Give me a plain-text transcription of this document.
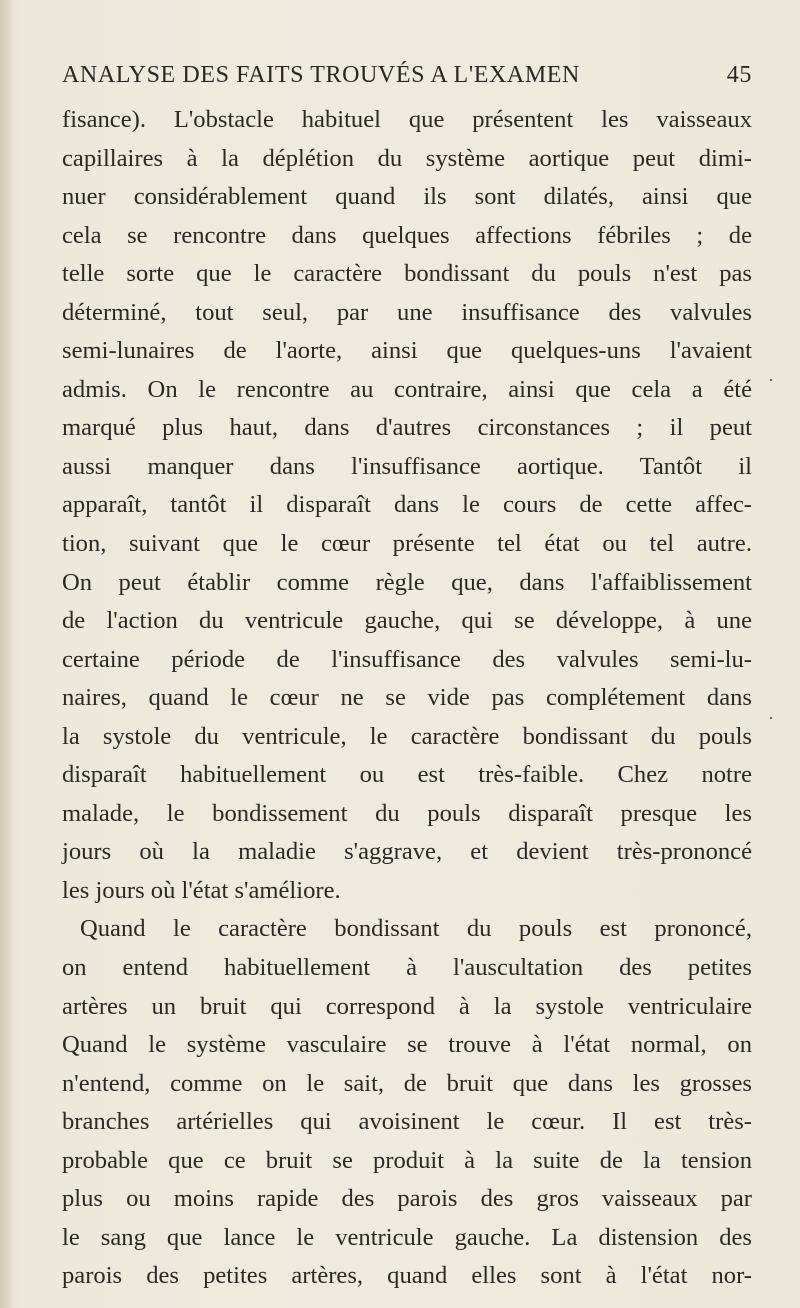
ANALYSE DES FAITS TROUVÉS A L'EXAMEN	45
fisance). L'obstacle habituel que présentent les vaisseaux
capillaires à la déplétion du système aortique peut dimi-
nuer considérablement quand ils sont dilatés, ainsi que
cela se rencontre dans quelques affections fébriles ; de
telle sorte que le caractère bondissant du pouls n'est pas
déterminé, tout seul, par une insuffisance des valvules
semi-lunaires de l'aorte, ainsi que quelques-uns l'avaient
admis. On le rencontre au contraire, ainsi que cela a été
marqué plus haut, dans d'autres circonstances ; il peut
aussi manquer dans l'insuffisance aortique. Tantôt il
apparaît, tantôt il disparaît dans le cours de cette affec-
tion, suivant que le cœur présente tel état ou tel autre.
On peut établir comme règle que, dans l'affaiblissement
de l'action du ventricule gauche, qui se développe, à une
certaine période de l'insuffisance des valvules semi-lu-
naires, quand le cœur ne se vide pas complétement dans
la systole du ventricule, le caractère bondissant du pouls
disparaît habituellement ou est très-faible. Chez notre
malade, le bondissement du pouls disparaît presque les
jours où la maladie s'aggrave, et devient très-prononcé
les jours où l'état s'améliore.
Quand le caractère bondissant du pouls est prononcé,
on entend habituellement à l'auscultation des petites
artères un bruit qui correspond à la systole ventriculaire
Quand le système vasculaire se trouve à l'état normal, on
n'entend, comme on le sait, de bruit que dans les grosses
branches artérielles qui avoisinent le cœur. Il est très-
probable que ce bruit se produit à la suite de la tension
plus ou moins rapide des parois des gros vaisseaux par
le sang que lance le ventricule gauche. La distension des
parois des petites artères, quand elles sont à l'état nor-
·
·
